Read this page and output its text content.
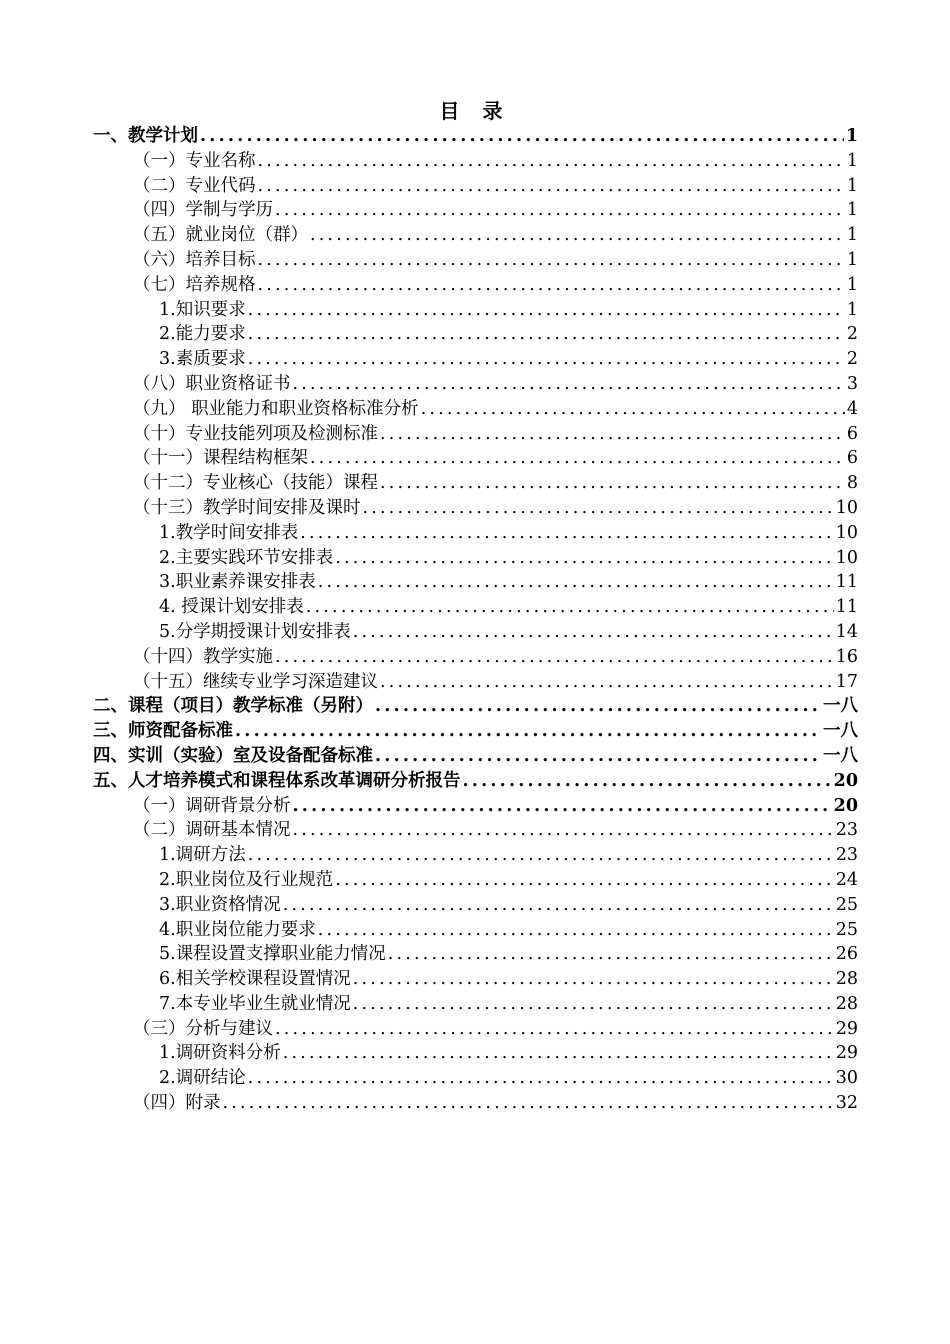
目 录
一、教学计划 .....	1
（一）专业名称 .....	1
（二）专业代码 .....	1
（四）学制与学历 .....	1
（五）就业岗位（群） .....	1
（六）培养目标 .....	1
（七）培养规格 .....	1
1.知识要求 .....	1
2.能力要求 .....	2
3.素质要求 .....	2
（八）职业资格证书 .....	3
（九） 职业能力和职业资格标准分析 .....	4
（十）专业技能列项及检测标准 .....	6
（十一）课程结构框架 .....	6
（十二）专业核心（技能）课程 .....	8
（十三）教学时间安排及课时 .....	10
1.教学时间安排表 .....	10
2.主要实践环节安排表 .....	10
3.职业素养课安排表 .....	11
4. 授课计划安排表 .....	11
5.分学期授课计划安排表 .....	14
（十四）教学实施 .....	16
（十五）继续专业学习深造建议 .....	17
二、课程（项目）教学标准（另附） .....	一八
三、师资配备标准 .....	一八
四、实训（实验）室及设备配备标准 .....	一八
五、人才培养模式和课程体系改革调研分析报告 .....	20
（一）调研背景分析 .....	20
（二）调研基本情况 .....	23
1.调研方法 .....	23
2.职业岗位及行业规范 .....	24
3.职业资格情况 .....	25
4.职业岗位能力要求 .....	25
5.课程设置支撑职业能力情况 .....	26
6.相关学校课程设置情况 .....	28
7.本专业毕业生就业情况 .....	28
（三）分析与建议 .....	29
1.调研资料分析 .....	29
2.调研结论 .....	30
（四）附录 .....	32
